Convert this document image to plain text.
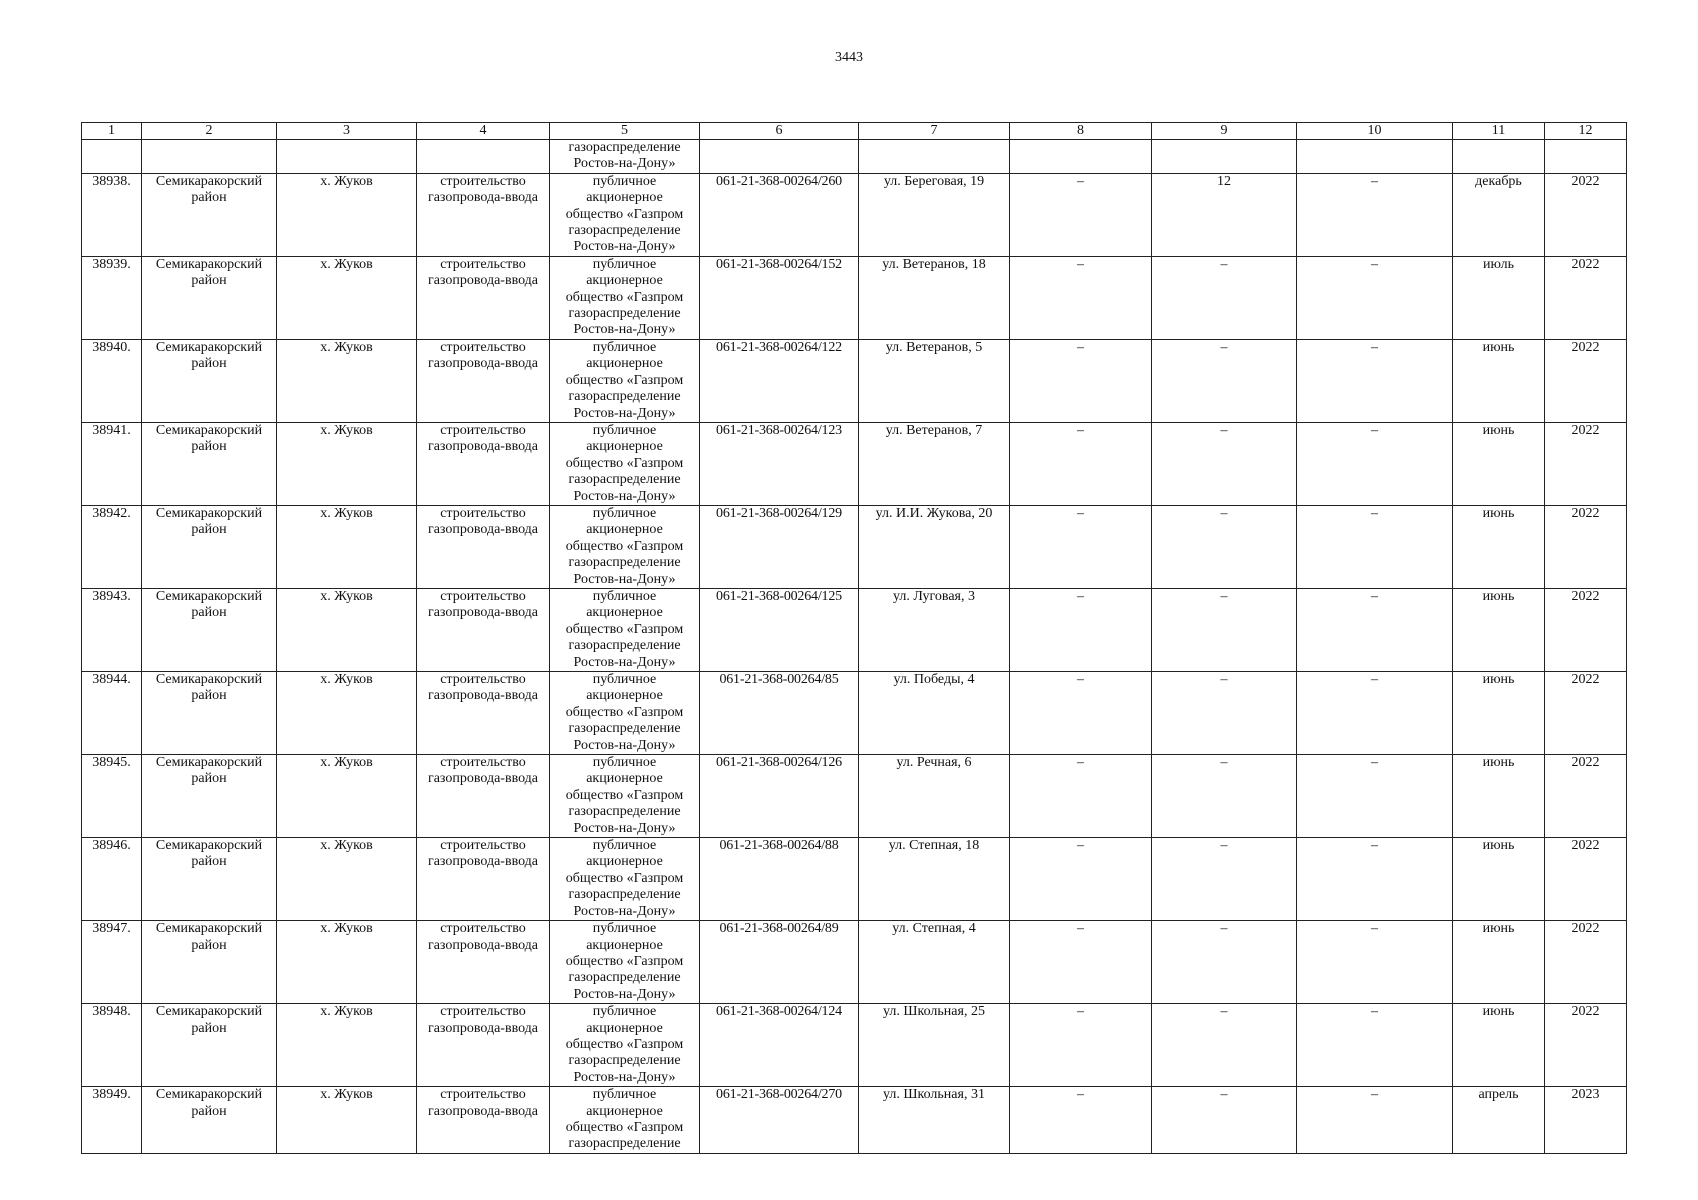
3443
1	2	3	4	5	6	7	8	9	10	11	12

				газораспределение
Ростов-на-Дону»							

38938.	Семикаракорский район	х. Жуков	строительство газопровода-ввода	публичное
акционерное
общество «Газпром
газораспределение
Ростов-на-Дону»	061-21-368-00264/260	ул. Береговая, 19	–	12	–	декабрь	2022
38939.	Семикаракорский район	х. Жуков	строительство газопровода-ввода	публичное
акционерное
общество «Газпром
газораспределение
Ростов-на-Дону»	061-21-368-00264/152	ул. Ветеранов, 18	–	–	–	июль	2022
38940.	Семикаракорский район	х. Жуков	строительство газопровода-ввода	публичное
акционерное
общество «Газпром
газораспределение
Ростов-на-Дону»	061-21-368-00264/122	ул. Ветеранов, 5	–	–	–	июнь	2022
38941.	Семикаракорский район	х. Жуков	строительство газопровода-ввода	публичное
акционерное
общество «Газпром
газораспределение
Ростов-на-Дону»	061-21-368-00264/123	ул. Ветеранов, 7	–	–	–	июнь	2022
38942.	Семикаракорский район	х. Жуков	строительство газопровода-ввода	публичное
акционерное
общество «Газпром
газораспределение
Ростов-на-Дону»	061-21-368-00264/129	ул. И.И. Жукова, 20	–	–	–	июнь	2022
38943.	Семикаракорский район	х. Жуков	строительство газопровода-ввода	публичное
акционерное
общество «Газпром
газораспределение
Ростов-на-Дону»	061-21-368-00264/125	ул. Луговая, 3	–	–	–	июнь	2022
38944.	Семикаракорский район	х. Жуков	строительство газопровода-ввода	публичное
акционерное
общество «Газпром
газораспределение
Ростов-на-Дону»	061-21-368-00264/85	ул. Победы, 4	–	–	–	июнь	2022
38945.	Семикаракорский район	х. Жуков	строительство газопровода-ввода	публичное
акционерное
общество «Газпром
газораспределение
Ростов-на-Дону»	061-21-368-00264/126	ул. Речная, 6	–	–	–	июнь	2022
38946.	Семикаракорский район	х. Жуков	строительство газопровода-ввода	публичное
акционерное
общество «Газпром
газораспределение
Ростов-на-Дону»	061-21-368-00264/88	ул. Степная, 18	–	–	–	июнь	2022
38947.	Семикаракорский район	х. Жуков	строительство газопровода-ввода	публичное
акционерное
общество «Газпром
газораспределение
Ростов-на-Дону»	061-21-368-00264/89	ул. Степная, 4	–	–	–	июнь	2022
38948.	Семикаракорский район	х. Жуков	строительство газопровода-ввода	публичное
акционерное
общество «Газпром
газораспределение
Ростов-на-Дону»	061-21-368-00264/124	ул. Школьная, 25	–	–	–	июнь	2022
38949.	Семикаракорский район	х. Жуков	строительство газопровода-ввода	публичное
акционерное
общество «Газпром
газораспределение	061-21-368-00264/270	ул. Школьная, 31	–	–	–	апрель	2023
